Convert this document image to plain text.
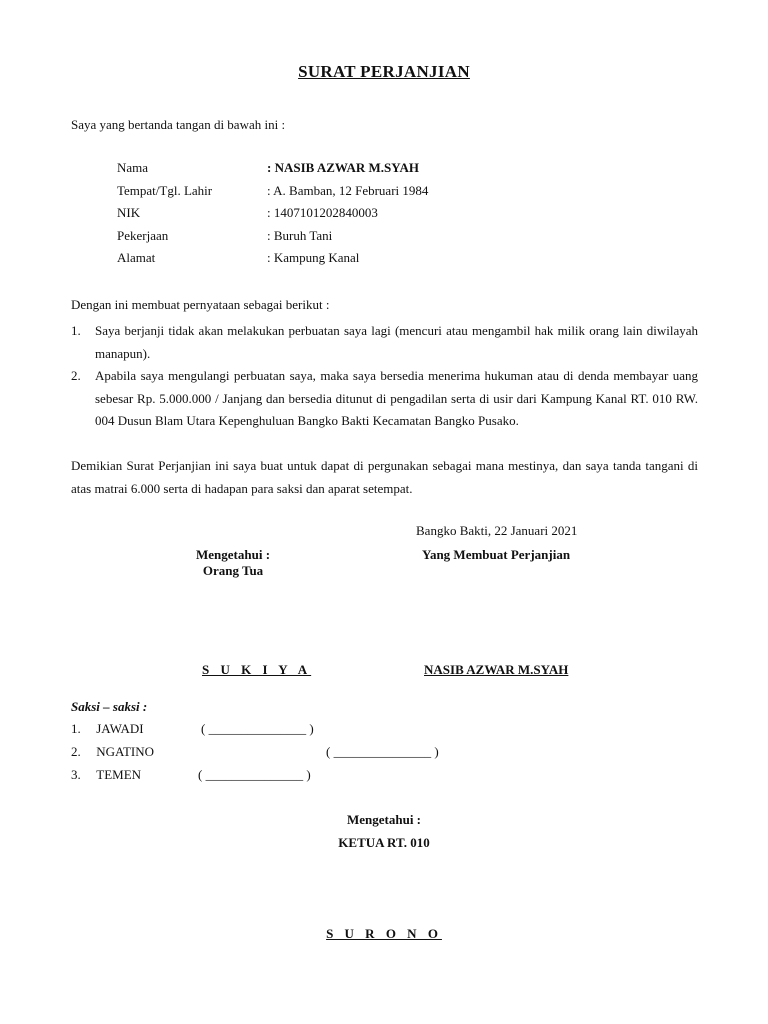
SURAT PERJANJIAN
Saya yang bertanda tangan di bawah ini :
Nama	: NASIB AZWAR M.SYAH
Tempat/Tgl. Lahir	: A. Bamban, 12 Februari 1984
NIK	: 1407101202840003
Pekerjaan	: Buruh Tani
Alamat	: Kampung Kanal
Dengan ini membuat pernyataan sebagai berikut :
1.	Saya berjanji tidak akan melakukan perbuatan saya lagi (mencuri atau mengambil hak milik orang lain diwilayah manapun).
2.	Apabila saya mengulangi perbuatan saya, maka saya bersedia menerima hukuman atau di denda membayar uang sebesar Rp. 5.000.000 / Janjang dan bersedia ditunut di pengadilan serta di usir dari Kampung Kanal RT. 010 RW. 004 Dusun Blam Utara Kepenghuluan Bangko Bakti Kecamatan Bangko Pusako.
Demikian Surat Perjanjian ini saya buat untuk dapat di pergunakan sebagai mana mestinya, dan saya tanda tangani di atas matrai 6.000 serta di hadapan para saksi dan aparat setempat.
Bangko Bakti, 22 Januari 2021
Mengetahui :
Orang Tua
Yang Membuat Perjanjian
S U K I Y A	NASIB AZWAR M.SYAH
Saksi – saksi :
1. JAWADI	( _______________ )
2. NGATINO	( _______________ )
3. TEMEN	( _______________ )
Mengetahui :
KETUA RT. 010
S U R O N O
